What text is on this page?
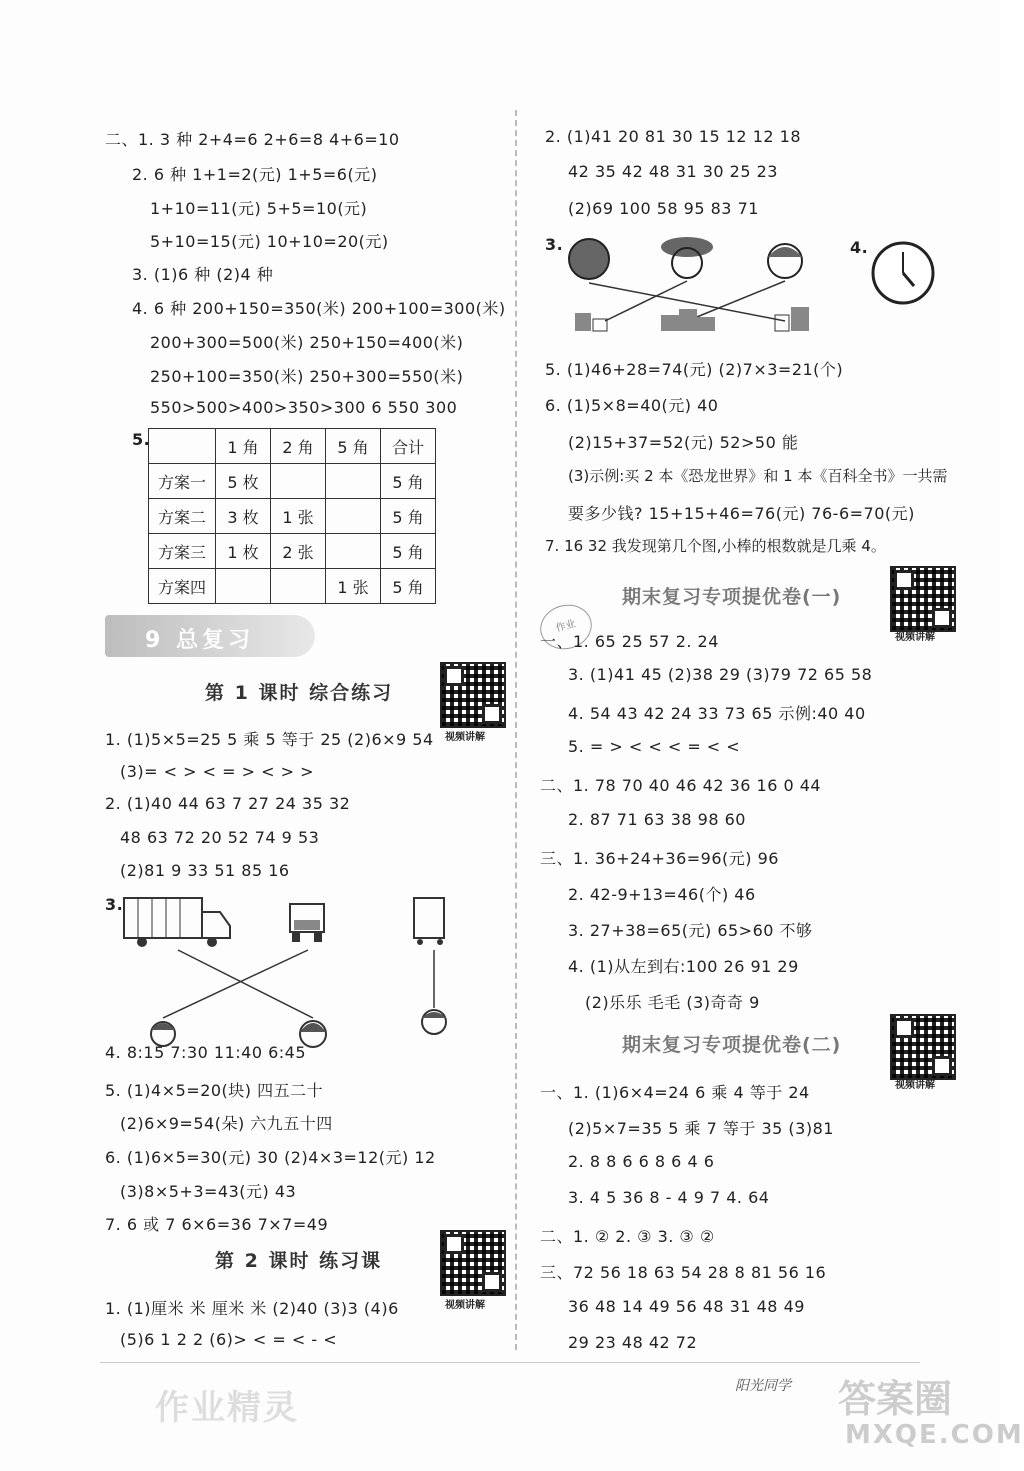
二、1. 3 种 2+4=6 2+6=8 4+6=10
2. 6 种 1+1=2(元) 1+5=6(元)
1+10=11(元) 5+5=10(元)
5+10=15(元) 10+10=20(元)
3. (1)6 种 (2)4 种
4. 6 种 200+150=350(米) 200+100=300(米)
200+300=500(米) 250+150=400(米)
250+100=350(米) 250+300=550(米)
550>500>400>350>300 6 550 300
5.
		1 角	2 角	5 角	合计
方案一	5 枚			5 角
方案二	3 枚	1 张		5 角
方案三	1 枚	2 张		5 角
方案四			1 张	5 角
9 总复习
第 1 课时 综合练习
视频讲解
1. (1)5×5=25 5 乘 5 等于 25 (2)6×9 54
(3)= < > < = > < > >
2. (1)40 44 63 7 27 24 35 32
48 63 72 20 52 74 9 53
(2)81 9 33 51 85 16
3.
4. 8:15 7:30 11:40 6:45
5. (1)4×5=20(块) 四五二十
(2)6×9=54(朵) 六九五十四
6. (1)6×5=30(元) 30 (2)4×3=12(元) 12
(3)8×5+3=43(元) 43
7. 6 或 7 6×6=36 7×7=49
第 2 课时 练习课
视频讲解
1. (1)厘米 米 厘米 米 (2)40 (3)3 (4)6
(5)6 1 2 2 (6)> < = < - <
2. (1)41 20 81 30 15 12 12 18
42 35 42 48 31 30 25 23
(2)69 100 58 95 83 71
3.	4.
5. (1)46+28=74(元) (2)7×3=21(个)
6. (1)5×8=40(元) 40
(2)15+37=52(元) 52>50 能
(3)示例:买 2 本《恐龙世界》和 1 本《百科全书》一共需
要多少钱? 15+15+46=76(元) 76-6=70(元)
7. 16 32 我发现第几个图,小棒的根数就是几乘 4。
期末复习专项提优卷(一)
视频讲解
作业
一、1. 65 25 57 2. 24
3. (1)41 45 (2)38 29 (3)79 72 65 58
4. 54 43 42 24 33 73 65 示例:40 40
5. = > < < < = < <
二、1. 78 70 40 46 42 36 16 0 44
2. 87 71 63 38 98 60
三、1. 36+24+36=96(元) 96
2. 42-9+13=46(个) 46
3. 27+38=65(元) 65>60 不够
4. (1)从左到右:100 26 91 29
(2)乐乐 毛毛 (3)奇奇 9
期末复习专项提优卷(二)
视频讲解
一、1. (1)6×4=24 6 乘 4 等于 24
(2)5×7=35 5 乘 7 等于 35 (3)81
2. 8 8 6 6 8 6 4 6
3. 4 5 36 8 - 4 9 7 4. 64
二、1. ② 2. ③ 3. ③ ②
三、72 56 18 63 54 28 8 81 56 16
36 48 14 49 56 48 31 48 49
29 23 48 42 72
作业精灵
阳光同学 答案圈
MXQE.COM
